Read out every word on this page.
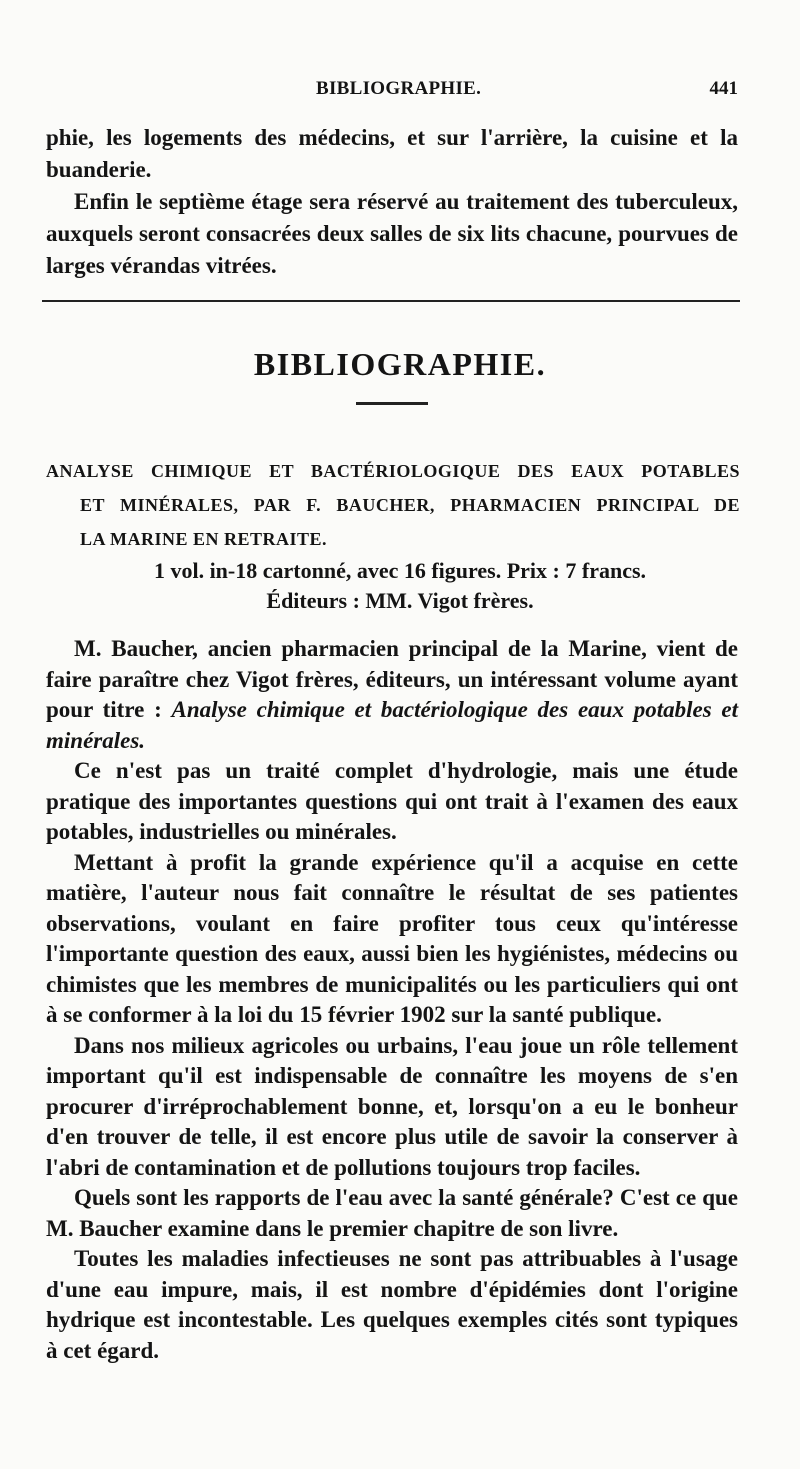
BIBLIOGRAPHIE.	441

phie, les logements des médecins, et sur l'arrière, la cuisine et la buanderie.

Enfin le septième étage sera réservé au traitement des tuberculeux, auxquels seront consacrées deux salles de six lits chacune, pourvues de larges vérandas vitrées.

BIBLIOGRAPHIE.
ANALYSE CHIMIQUE ET BACTÉRIOLOGIQUE DES EAUX POTABLES
ET MINÉRALES, PAR F. BAUCHER, PHARMACIEN PRINCIPAL DE
LA MARINE EN RETRAITE.
1 vol. in-18 cartonné, avec 16 figures. Prix : 7 francs.
Éditeurs : MM. Vigot frères.

M. Baucher, ancien pharmacien principal de la Marine, vient de faire paraître chez Vigot frères, éditeurs, un intéressant volume ayant pour titre : Analyse chimique et bactériologique des eaux potables et minérales.

Ce n'est pas un traité complet d'hydrologie, mais une étude pratique des importantes questions qui ont trait à l'examen des eaux potables, industrielles ou minérales.

Mettant à profit la grande expérience qu'il a acquise en cette matière, l'auteur nous fait connaître le résultat de ses patientes observations, voulant en faire profiter tous ceux qu'intéresse l'importante question des eaux, aussi bien les hygiénistes, médecins ou chimistes que les membres de municipalités ou les particuliers qui ont à se conformer à la loi du 15 février 1902 sur la santé publique.

Dans nos milieux agricoles ou urbains, l'eau joue un rôle tellement important qu'il est indispensable de connaître les moyens de s'en procurer d'irréprochablement bonne, et, lorsqu'on a eu le bonheur d'en trouver de telle, il est encore plus utile de savoir la conserver à l'abri de contamination et de pollutions toujours trop faciles.

Quels sont les rapports de l'eau avec la santé générale? C'est ce que M. Baucher examine dans le premier chapitre de son livre.

Toutes les maladies infectieuses ne sont pas attribuables à l'usage d'une eau impure, mais, il est nombre d'épidémies dont l'origine hydrique est incontestable. Les quelques exemples cités sont typiques à cet égard.
